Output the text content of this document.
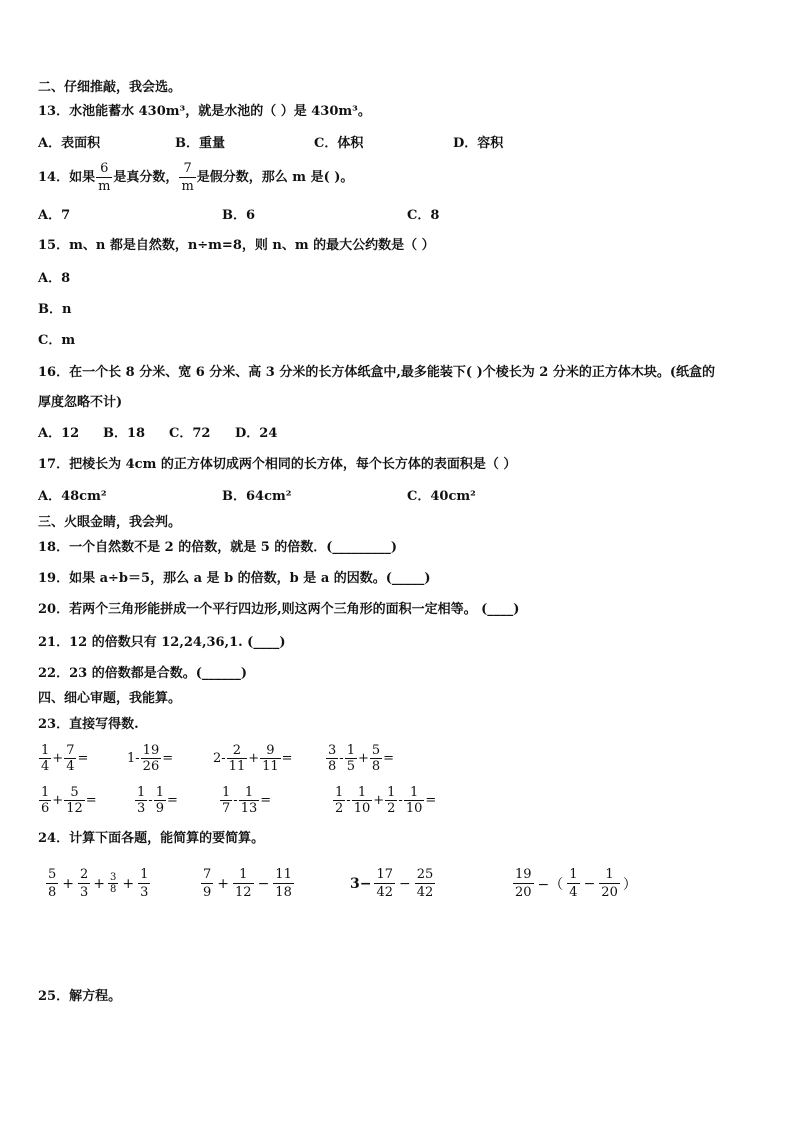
二、仔细推敲，我会选。
13．水池能蓄水 430m³，就是水池的（ ）是 430m³。
A．表面积	B．重量	C．体积	D．容积
14．如果 $\frac{6}{m}$ 是真分数， $\frac{7}{m}$ 是假分数，那么 m 是( )。
A．7	B．6	C．8
15．m、n 都是自然数，n÷m=8，则 n、m 的最大公约数是（ ）
A．8
B．n
C．m
16．在一个长 8 分米、宽 6 分米、高 3 分米的长方体纸盒中,最多能装下( )个棱长为 2 分米的正方体木块。(纸盒的
厚度忽略不计)
A．12 B．18 C．72 D．24
17．把棱长为 4cm 的正方体切成两个相同的长方体，每个长方体的表面积是（ ）
A．48cm²	B．64cm²	C．40cm²
三、火眼金睛，我会判。
18．一个自然数不是 2 的倍数，就是 5 的倍数．(_________)
19．如果 a÷b＝5，那么 a 是 b 的倍数，b 是 a 的因数。(_____)
20．若两个三角形能拼成一个平行四边形,则这两个三角形的面积一定相等。 (____)
21．12 的倍数只有 12,24,36,1. (____)
22．23 的倍数都是合数。(______)
四、细心审题，我能算。
23．直接写得数.
$\frac{1}{4} + \frac{7}{4}$ =	$1- \frac{19}{26}$ =	$2- \frac{2}{11} + \frac{9}{11}$ =	$\frac{3}{8} - \frac{1}{5} + \frac{5}{8}$ =
$\frac{1}{6} + \frac{5}{12}$ =	$\frac{1}{3} - \frac{1}{9}$ =	$\frac{1}{7} - \frac{1}{13}$ =	$\frac{1}{2} - \frac{1}{10} + \frac{1}{2} - \frac{1}{10}$ =
24．计算下面各题，能简算的要简算。
$\frac{5}{8} + \frac{2}{3} + \frac{3}{8} + \frac{1}{3}$	$\frac{7}{9} + \frac{1}{12} - \frac{11}{18}$	$3- \frac{17}{42} - \frac{25}{42}$	$\frac{19}{20}$ −（ $\frac{1}{4} - \frac{1}{20}$ ）
25．解方程。
